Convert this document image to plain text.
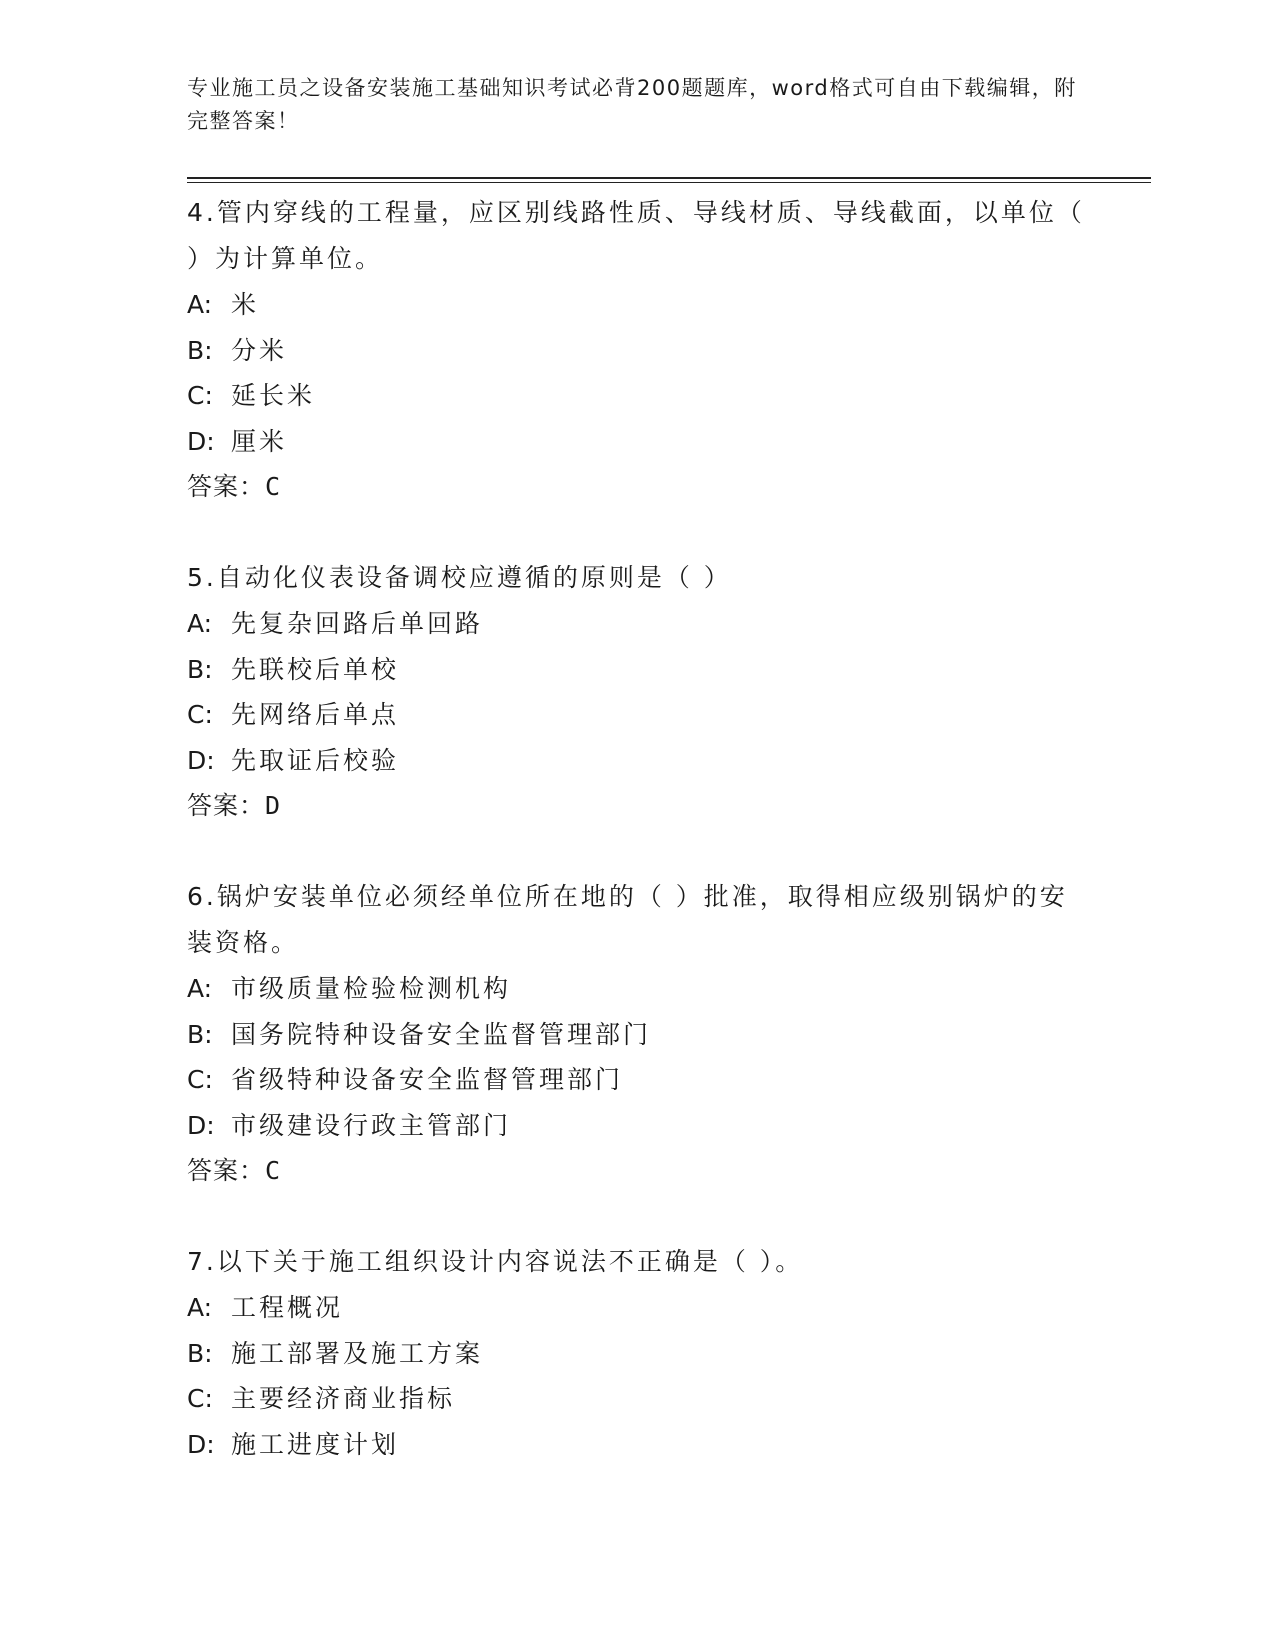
专业施工员之设备安装施工基础知识考试必背200题题库，word格式可自由下载编辑，附完整答案！

4.管内穿线的工程量，应区别线路性质、导线材质、导线截面，以单位（ ）为计算单位。

A: 米

B: 分米

C: 延长米

D: 厘米

答案：C

5.自动化仪表设备调校应遵循的原则是（ ）

A: 先复杂回路后单回路

B: 先联校后单校

C: 先网络后单点

D: 先取证后校验

答案：D

6.锅炉安装单位必须经单位所在地的（ ）批准，取得相应级别锅炉的安装资格。

A: 市级质量检验检测机构

B: 国务院特种设备安全监督管理部门

C: 省级特种设备安全监督管理部门

D: 市级建设行政主管部门

答案：C

7.以下关于施工组织设计内容说法不正确是（ ）。

A: 工程概况

B: 施工部署及施工方案

C: 主要经济商业指标

D: 施工进度计划
